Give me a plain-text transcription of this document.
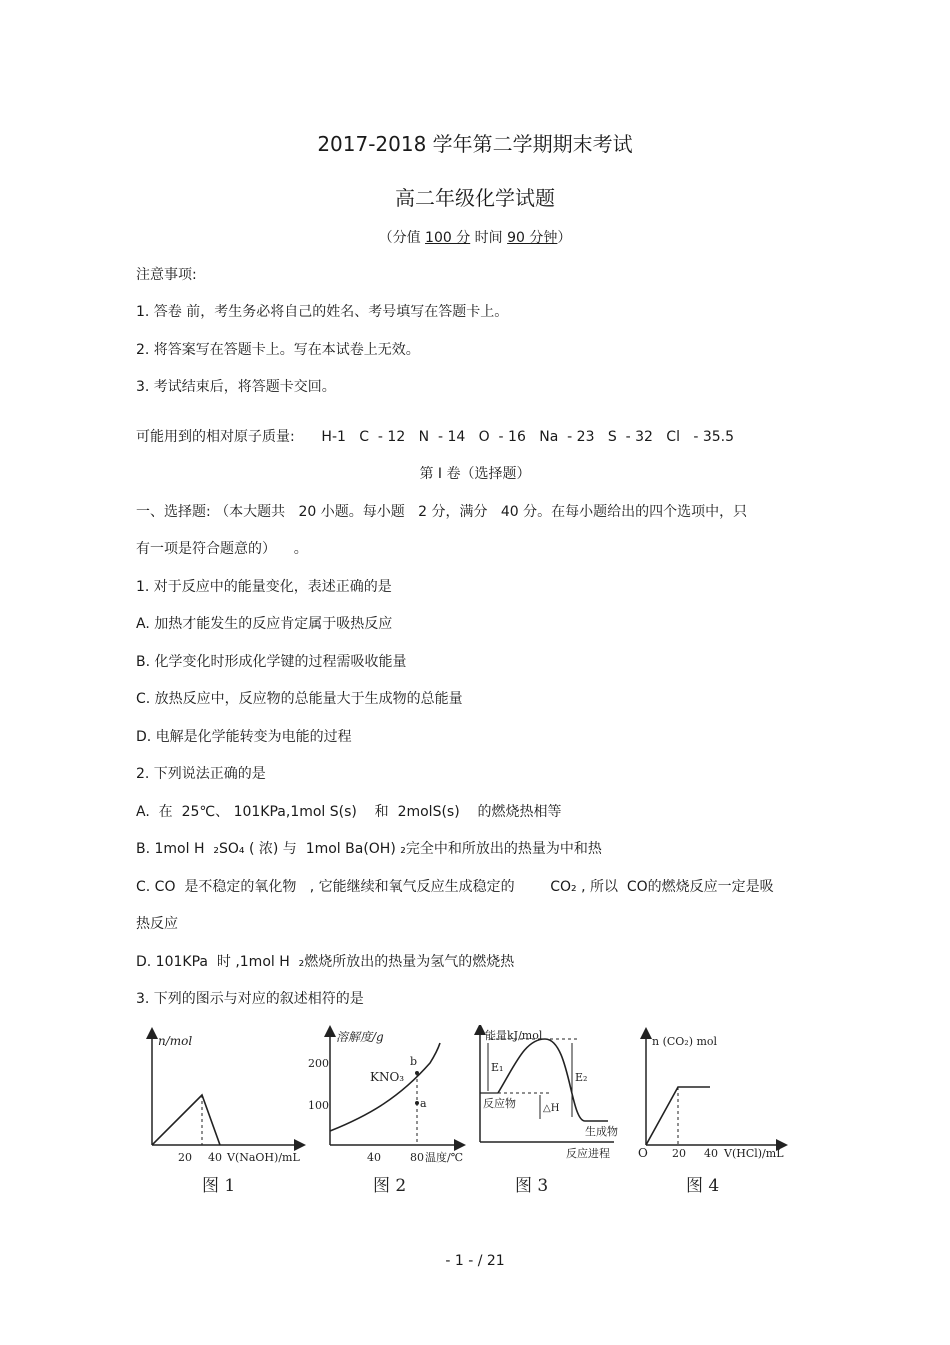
2017-2018 学年第二学期期末考试
高二年级化学试题
（分值 100 分 时间 90 分钟）
注意事项:
1. 答卷 前，考生务必将自己的姓名、考号填写在答题卡上。
2. 将答案写在答题卡上。写在本试卷上无效。
3. 考试结束后，将答题卡交回。
可能用到的相对原子质量:      H-1   C  - 12   N  - 14   O  - 16   Na  - 23   S  - 32   Cl   - 35.5
第 Ⅰ 卷（选择题）
一、选择题: （本大题共   20 小题。每小题   2 分，满分   40 分。在每小题给出的四个选项中，只
有一项是符合题意的）    。
1. 对于反应中的能量变化，表述正确的是
A. 加热才能发生的反应肯定属于吸热反应
B. 化学变化时形成化学键的过程需吸收能量
C. 放热反应中，反应物的总能量大于生成物的总能量
D. 电解是化学能转变为电能的过程
2. 下列说法正确的是
A.  在  25℃、 101KPa,1mol S(s)    和  2molS(s)    的燃烧热相等
B. 1mol H  ₂SO₄ ( 浓) 与  1mol Ba(OH) ₂完全中和所放出的热量为中和热
C. CO  是不稳定的氧化物   , 它能继续和氧气反应生成稳定的        CO₂ , 所以  CO的燃烧反应一定是吸
热反应
D. 101KPa  时 ,1mol H  ₂燃烧所放出的热量为氢气的燃烧热
3. 下列的图示与对应的叙述相符的是
n/mol
20 40 V(NaOH)/mL
图 1
溶解度/g
200
100
KNO₃
b
a
40	80 温度/℃
图 2
能量kJ/mol
E₁
E₂
反应物	△H
生成物
反应进程
图 3
n (CO₂) mol
O 20 40 V(HCl)/mL
图 4
- 1 - / 21
